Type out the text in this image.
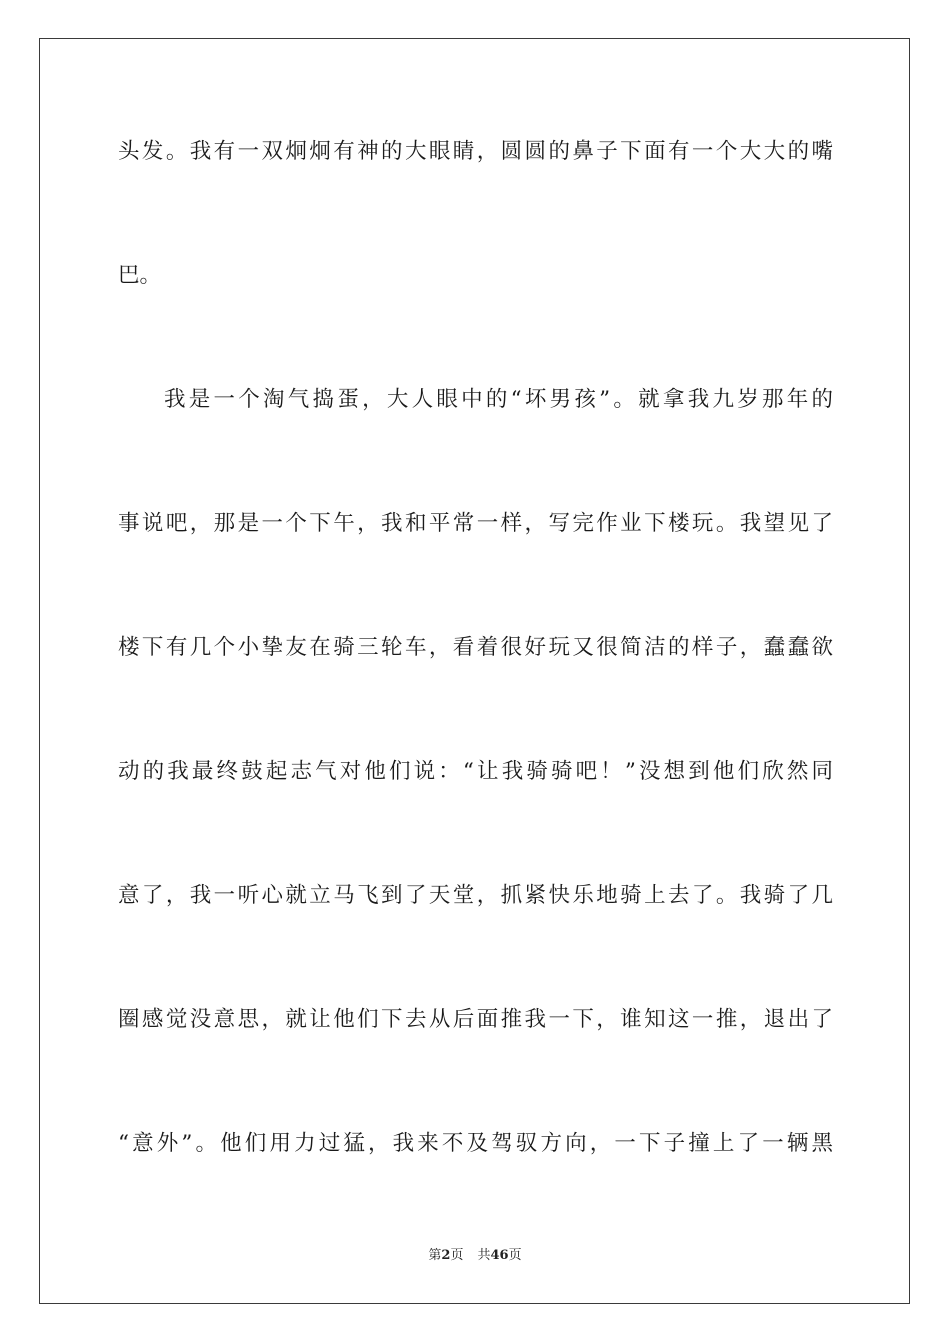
头发。我有一双炯炯有神的大眼睛，圆圆的鼻子下面有一个大大的嘴

巴。

我是一个淘气捣蛋，大人眼中的“坏男孩”。就拿我九岁那年的

事说吧，那是一个下午，我和平常一样，写完作业下楼玩。我望见了

楼下有几个小挚友在骑三轮车，看着很好玩又很简洁的样子，蠢蠢欲

动的我最终鼓起志气对他们说：“让我骑骑吧！”没想到他们欣然同

意了，我一听心就立马飞到了天堂，抓紧快乐地骑上去了。我骑了几

圈感觉没意思，就让他们下去从后面推我一下，谁知这一推，退出了

“意外”。他们用力过猛，我来不及驾驭方向，一下子撞上了一辆黑

第2页 共46页
